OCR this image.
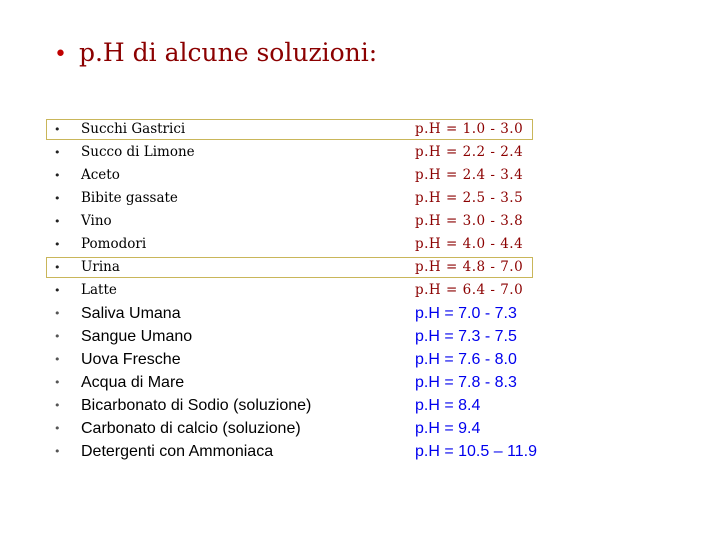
• p.H di alcune soluzioni:
• Succhi Gastrici	p.H = 1.0 - 3.0
• Succo di Limone	p.H = 2.2 - 2.4
• Aceto	p.H = 2.4 - 3.4
• Bibite gassate	p.H = 2.5 - 3.5
• Vino	p.H = 3.0 - 3.8
• Pomodori	p.H = 4.0 - 4.4
• Urina	p.H = 4.8 - 7.0
• Latte	p.H = 6.4 - 7.0
• Saliva Umana	p.H = 7.0 - 7.3
• Sangue Umano	p.H = 7.3 - 7.5
• Uova Fresche	p.H = 7.6 - 8.0
• Acqua di Mare	p.H = 7.8 - 8.3
• Bicarbonato di Sodio (soluzione)	p.H = 8.4
• Carbonato di calcio (soluzione)	p.H = 9.4
• Detergenti con Ammoniaca	p.H = 10.5 – 11.9
